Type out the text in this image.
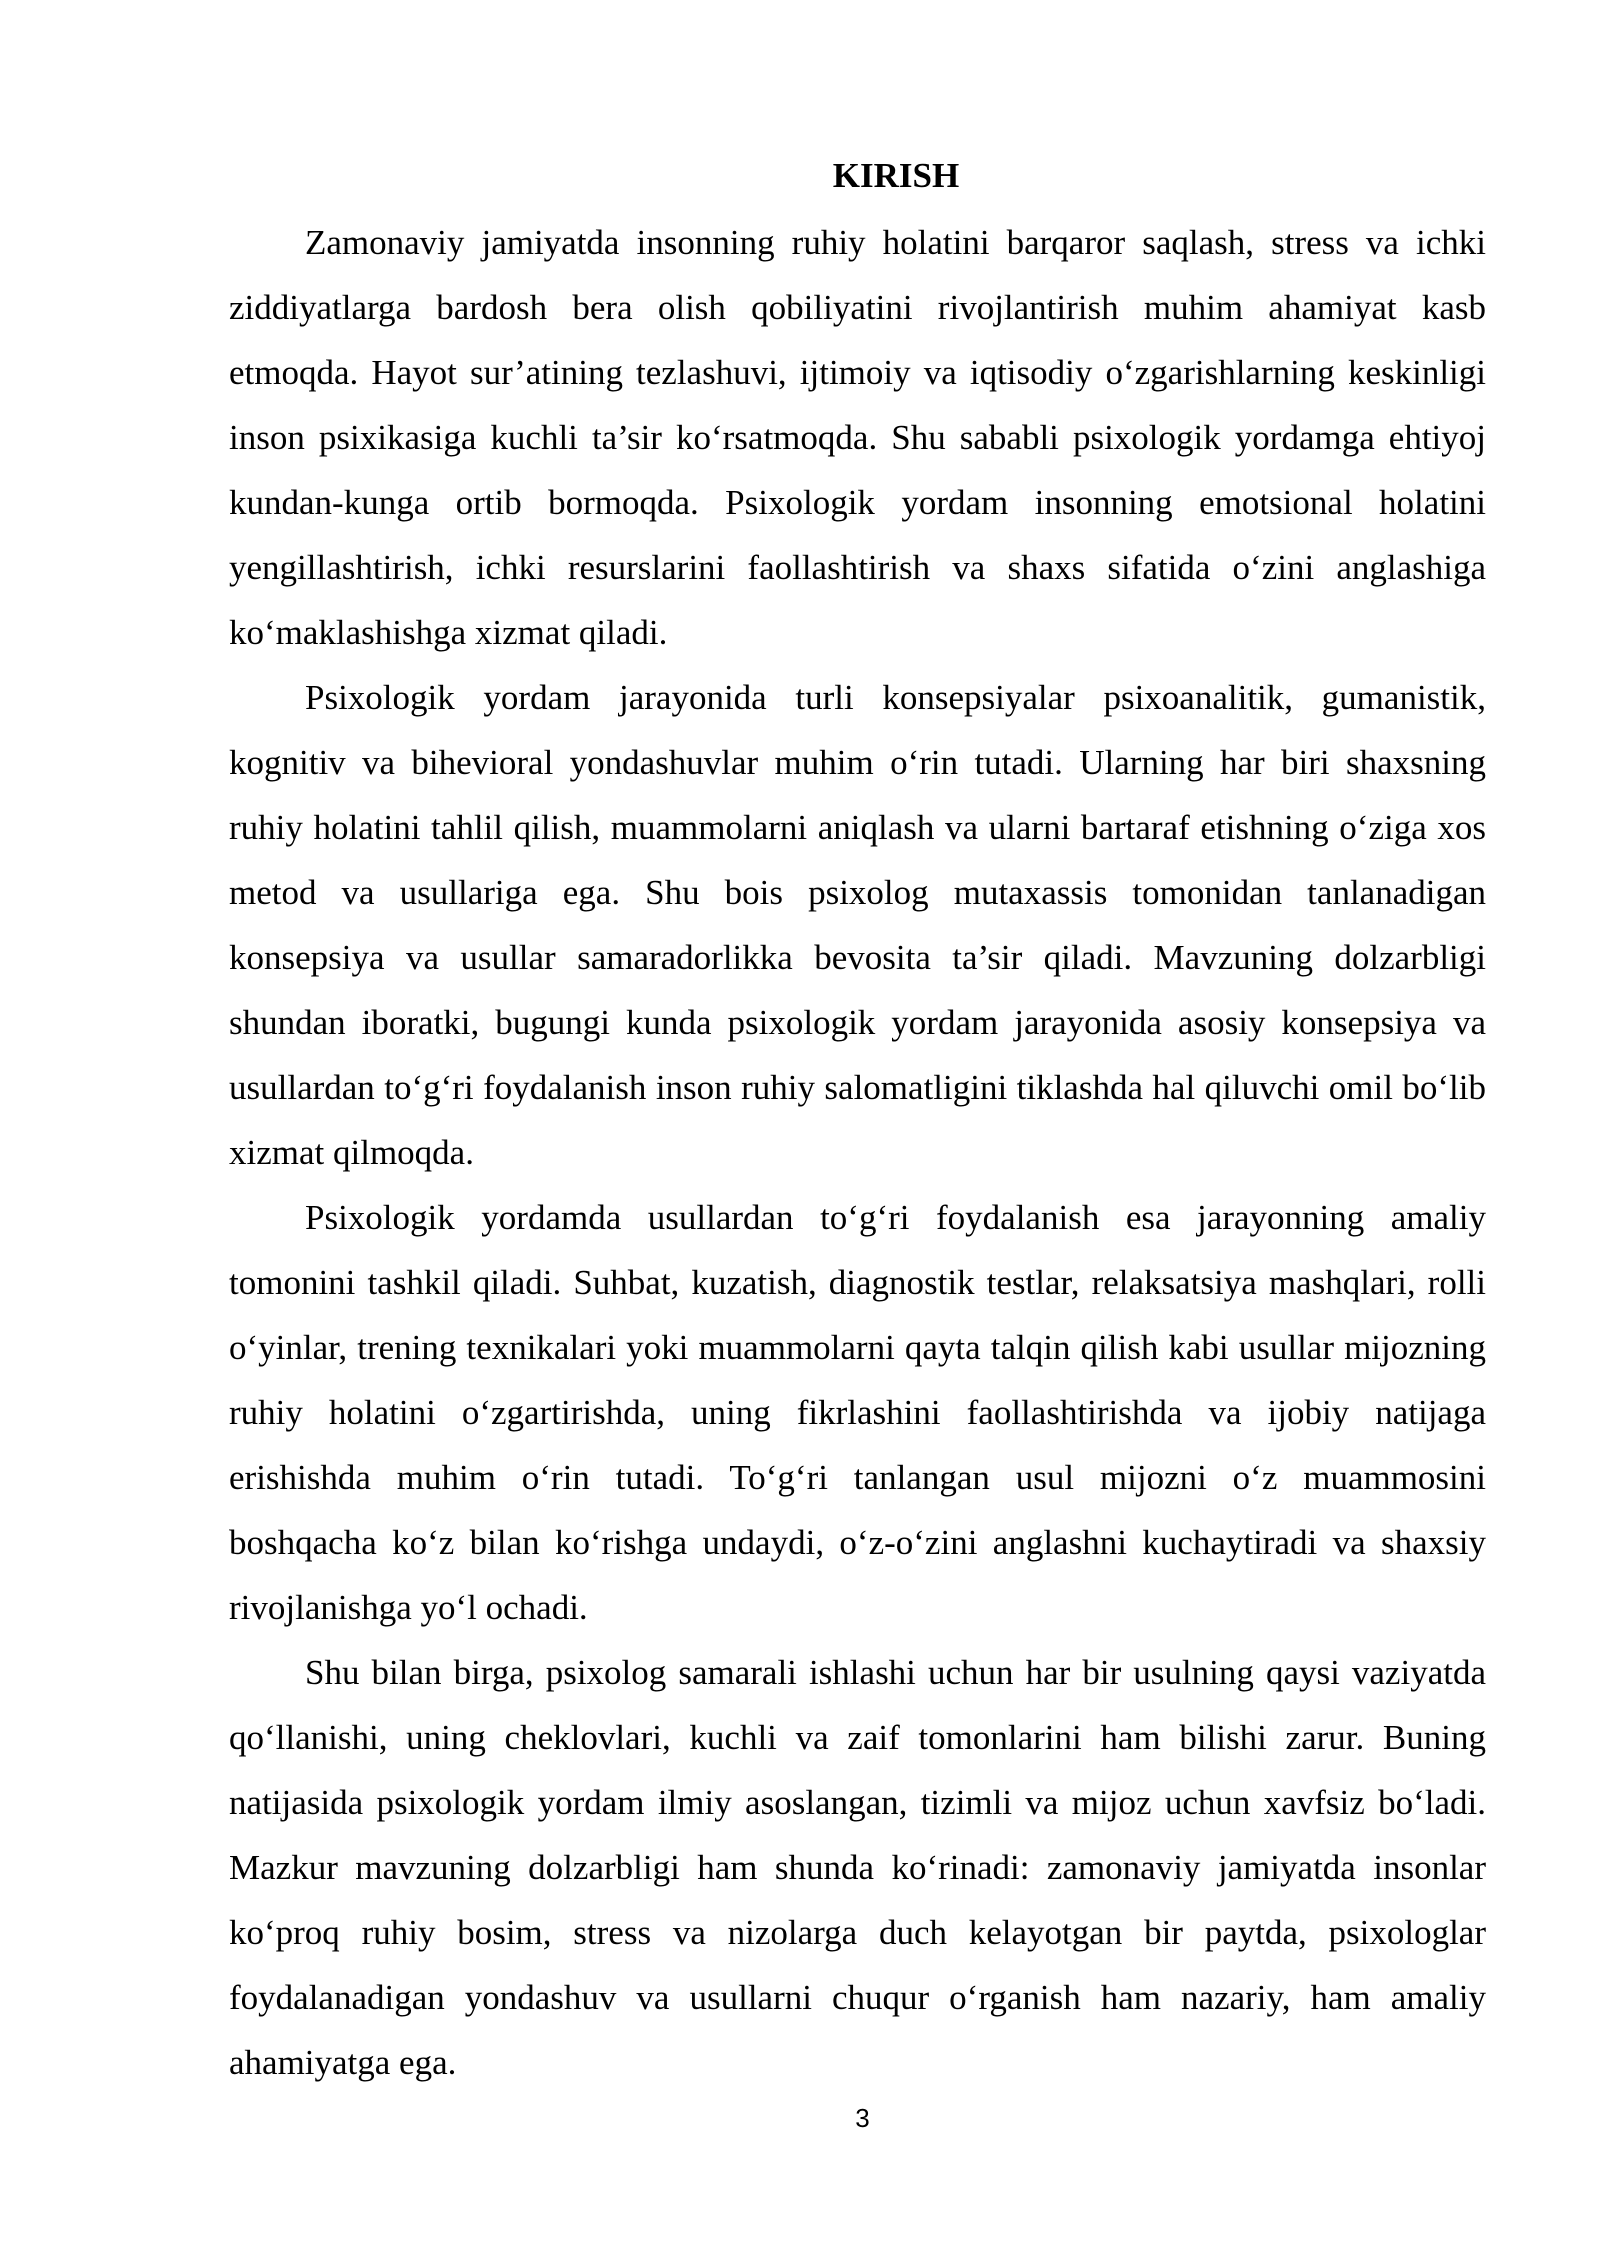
KIRISH

Zamonaviy jamiyatda insonning ruhiy holatini barqaror saqlash, stress va ichki ziddiyatlarga bardosh bera olish qobiliyatini rivojlantirish muhim ahamiyat kasb etmoqda. Hayot sur’atining tezlashuvi, ijtimoiy va iqtisodiy o‘zgarishlarning keskinligi inson psixikasiga kuchli ta’sir ko‘rsatmoqda. Shu sababli psixologik yordamga ehtiyoj kundan-kunga ortib bormoqda. Psixologik yordam insonning emotsional holatini yengillashtirish, ichki resurslarini faollashtirish va shaxs sifatida o‘zini anglashiga ko‘maklashishga xizmat qiladi.

Psixologik yordam jarayonida turli konsepsiyalar psixoanalitik, gumanistik, kognitiv va bihevioral yondashuvlar muhim o‘rin tutadi. Ularning har biri shaxsning ruhiy holatini tahlil qilish, muammolarni aniqlash va ularni bartaraf etishning o‘ziga xos metod va usullariga ega. Shu bois psixolog mutaxassis tomonidan tanlanadigan konsepsiya va usullar samaradorlikka bevosita ta’sir qiladi. Mavzuning dolzarbligi shundan iboratki, bugungi kunda psixologik yordam jarayonida asosiy konsepsiya va usullardan to‘g‘ri foydalanish inson ruhiy salomatligini tiklashda hal qiluvchi omil bo‘lib xizmat qilmoqda.

Psixologik yordamda usullardan to‘g‘ri foydalanish esa jarayonning amaliy tomonini tashkil qiladi. Suhbat, kuzatish, diagnostik testlar, relaksatsiya mashqlari, rolli o‘yinlar, trening texnikalari yoki muammolarni qayta talqin qilish kabi usullar mijozning ruhiy holatini o‘zgartirishda, uning fikrlashini faollashtirishda va ijobiy natijaga erishishda muhim o‘rin tutadi. To‘g‘ri tanlangan usul mijozni o‘z muammosini boshqacha ko‘z bilan ko‘rishga undaydi, o‘z-o‘zini anglashni kuchaytiradi va shaxsiy rivojlanishga yo‘l ochadi.

Shu bilan birga, psixolog samarali ishlashi uchun har bir usulning qaysi vaziyatda qo‘llanishi, uning cheklovlari, kuchli va zaif tomonlarini ham bilishi zarur. Buning natijasida psixologik yordam ilmiy asoslangan, tizimli va mijoz uchun xavfsiz bo‘ladi. Mazkur mavzuning dolzarbligi ham shunda ko‘rinadi: zamonaviy jamiyatda insonlar ko‘proq ruhiy bosim, stress va nizolarga duch kelayotgan bir paytda, psixologlar foydalanadigan yondashuv va usullarni chuqur o‘rganish ham nazariy, ham amaliy ahamiyatga ega.

3
